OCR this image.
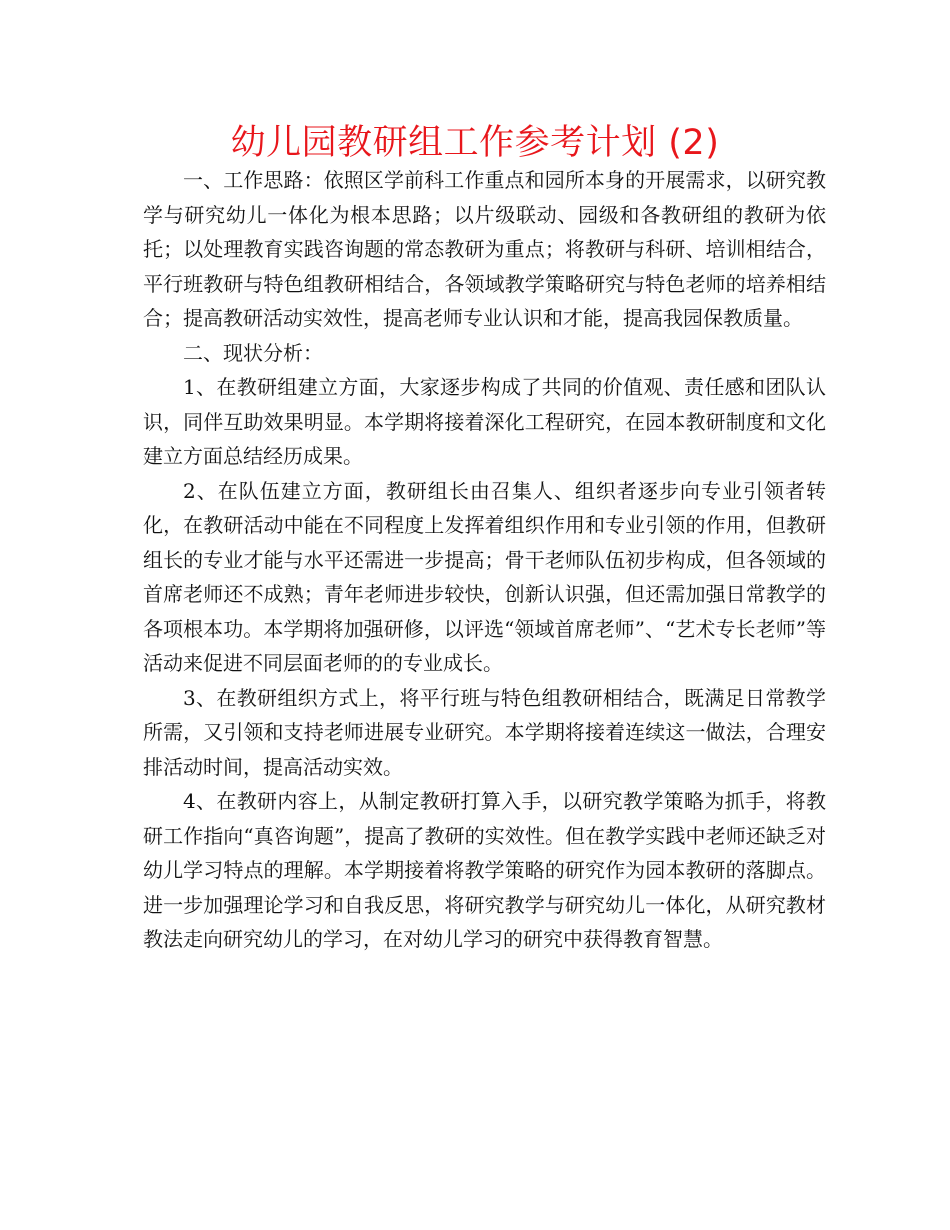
幼儿园教研组工作参考计划 (2)

一、工作思路：依照区学前科工作重点和园所本身的开展需求，以研究教学与研究幼儿一体化为根本思路；以片级联动、园级和各教研组的教研为依托；以处理教育实践咨询题的常态教研为重点；将教研与科研、培训相结合，平行班教研与特色组教研相结合，各领域教学策略研究与特色老师的培养相结合；提高教研活动实效性，提高老师专业认识和才能，提高我园保教质量。

二、现状分析：

1、在教研组建立方面，大家逐步构成了共同的价值观、责任感和团队认识，同伴互助效果明显。本学期将接着深化工程研究，在园本教研制度和文化建立方面总结经历成果。

2、在队伍建立方面，教研组长由召集人、组织者逐步向专业引领者转化，在教研活动中能在不同程度上发挥着组织作用和专业引领的作用，但教研组长的专业才能与水平还需进一步提高；骨干老师队伍初步构成，但各领域的首席老师还不成熟；青年老师进步较快，创新认识强，但还需加强日常教学的各项根本功。本学期将加强研修，以评选“领域首席老师”、“艺术专长老师”等活动来促进不同层面老师的的专业成长。

3、在教研组织方式上，将平行班与特色组教研相结合，既满足日常教学所需，又引领和支持老师进展专业研究。本学期将接着连续这一做法，合理安排活动时间，提高活动实效。

4、在教研内容上，从制定教研打算入手，以研究教学策略为抓手，将教研工作指向“真咨询题”，提高了教研的实效性。但在教学实践中老师还缺乏对幼儿学习特点的理解。本学期接着将教学策略的研究作为园本教研的落脚点。进一步加强理论学习和自我反思，将研究教学与研究幼儿一体化，从研究教材教法走向研究幼儿的学习，在对幼儿学习的研究中获得教育智慧。
